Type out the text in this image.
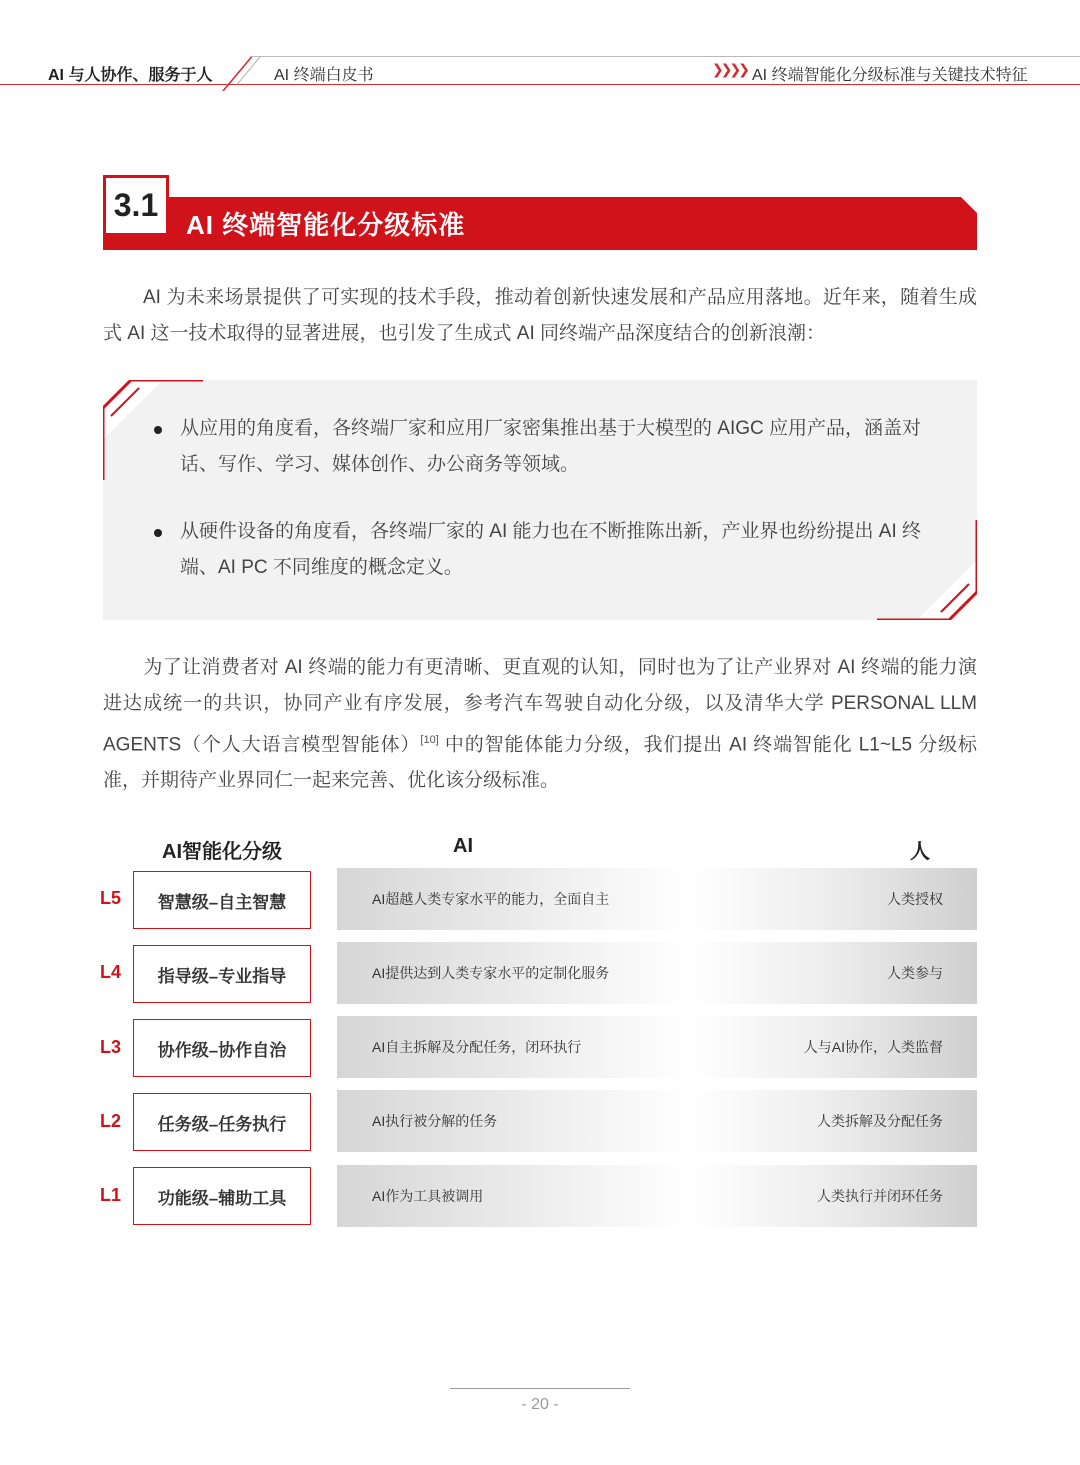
AI 与人协作、服务于人	AI 终端白皮书	❯❯❯❯ AI 终端智能化分级标准与关键技术特征
3.1
AI 终端智能化分级标准
AI 为未来场景提供了可实现的技术手段，推动着创新快速发展和产品应用落地。近年来，随着生成式 AI 这一技术取得的显著进展，也引发了生成式 AI 同终端产品深度结合的创新浪潮：
从应用的角度看，各终端厂家和应用厂家密集推出基于大模型的 AIGC 应用产品，涵盖对话、写作、学习、媒体创作、办公商务等领域。
从硬件设备的角度看，各终端厂家的 AI 能力也在不断推陈出新，产业界也纷纷提出 AI 终端、AI PC 不同维度的概念定义。
为了让消费者对 AI 终端的能力有更清晰、更直观的认知，同时也为了让产业界对 AI 终端的能力演进达成统一的共识，协同产业有序发展，参考汽车驾驶自动化分级，以及清华大学 PERSONAL LLM AGENTS（个人大语言模型智能体）[10] 中的智能体能力分级，我们提出 AI 终端智能化 L1~L5 分级标准，并期待产业界同仁一起来完善、优化该分级标准。
AI智能化分级	AI	人
L5	智慧级–自主智慧	AI超越人类专家水平的能力，全面自主	人类授权
L4	指导级–专业指导	AI提供达到人类专家水平的定制化服务	人类参与
L3	协作级–协作自治	AI自主拆解及分配任务，闭环执行	人与AI协作，人类监督
L2	任务级–任务执行	AI执行被分解的任务	人类拆解及分配任务
L1	功能级–辅助工具	AI作为工具被调用	人类执行并闭环任务
- 20 -
